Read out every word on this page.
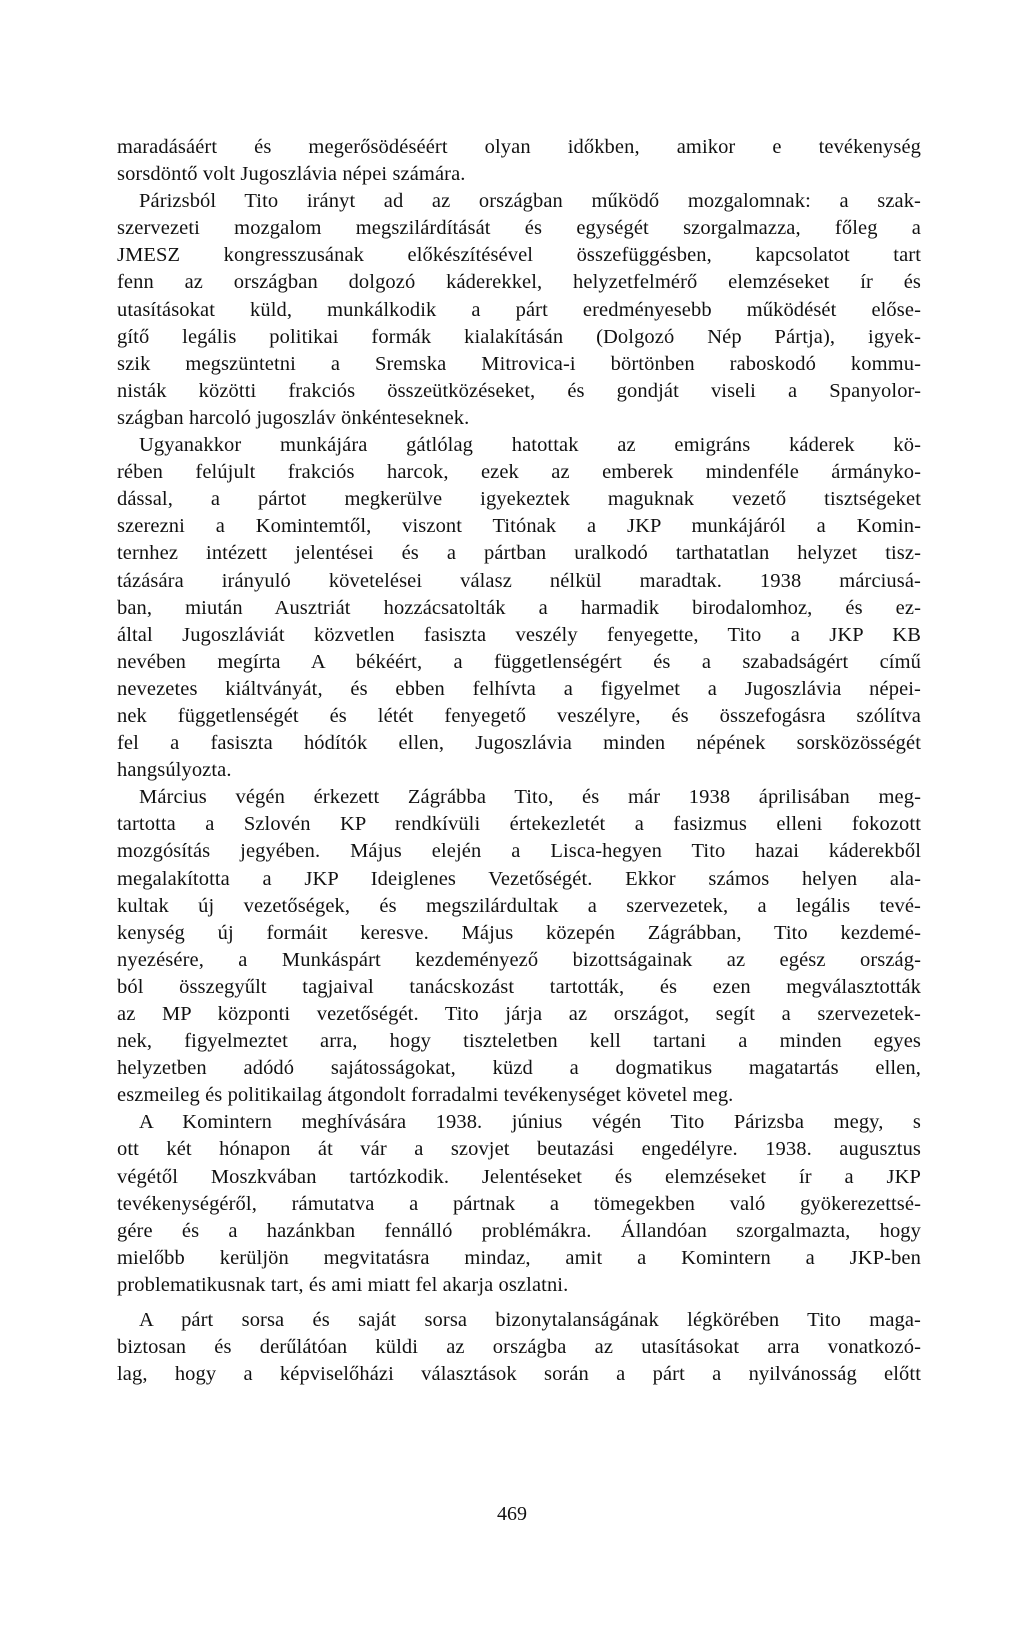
maradásáért és megerősödéséért olyan időkben, amikor e tevékenység
sorsdöntő volt Jugoszlávia népei számára.
Párizsból Tito irányt ad az országban működő mozgalomnak: a szak-
szervezeti mozgalom megszilárdítását és egységét szorgalmazza, főleg a
JMESZ kongresszusának előkészítésével összefüggésben, kapcsolatot tart
fenn az országban dolgozó káderekkel, helyzetfelmérő elemzéseket ír és
utasításokat küld, munkálkodik a párt eredményesebb működését előse-
gítő legális politikai formák kialakításán (Dolgozó Nép Pártja), igyek-
szik megszüntetni a Sremska Mitrovica-i börtönben raboskodó kommu-
nisták közötti frakciós összeütközéseket, és gondját viseli a Spanyolor-
szágban harcoló jugoszláv önkénteseknek.
Ugyanakkor munkájára gátlólag hatottak az emigráns káderek kö-
rében felújult frakciós harcok, ezek az emberek mindenféle ármányko-
dással, a pártot megkerülve igyekeztek maguknak vezető tisztségeket
szerezni a Komintemtől, viszont Titónak a JKP munkájáról a Komin-
ternhez intézett jelentései és a pártban uralkodó tarthatatlan helyzet tisz-
tázására irányuló követelései válasz nélkül maradtak. 1938 márciusá-
ban, miután Ausztriát hozzácsatolták a harmadik birodalomhoz, és ez-
által Jugoszláviát közvetlen fasiszta veszély fenyegette, Tito a JKP KB
nevében megírta A békéért, a függetlenségért és a szabadságért című
nevezetes kiáltványát, és ebben felhívta a figyelmet a Jugoszlávia népei-
nek függetlenségét és létét fenyegető veszélyre, és összefogásra szólítva
fel a fasiszta hódítók ellen, Jugoszlávia minden népének sorsközösségét
hangsúlyozta.
Március végén érkezett Zágrábba Tito, és már 1938 áprilisában meg-
tartotta a Szlovén KP rendkívüli értekezletét a fasizmus elleni fokozott
mozgósítás jegyében. Május elején a Lisca-hegyen Tito hazai káderekből
megalakította a JKP Ideiglenes Vezetőségét. Ekkor számos helyen ala-
kultak új vezetőségek, és megszilárdultak a szervezetek, a legális tevé-
kenység új formáit keresve. Május közepén Zágrábban, Tito kezdemé-
nyezésére, a Munkáspárt kezdeményező bizottságainak az egész ország-
ból összegyűlt tagjaival tanácskozást tartották, és ezen megválasztották
az MP központi vezetőségét. Tito járja az országot, segít a szervezetek-
nek, figyelmeztet arra, hogy tiszteletben kell tartani a minden egyes
helyzetben adódó sajátosságokat, küzd a dogmatikus magatartás ellen,
eszmeileg és politikailag átgondolt forradalmi tevékenységet követel meg.
A Komintern meghívására 1938. június végén Tito Párizsba megy, s
ott két hónapon át vár a szovjet beutazási engedélyre. 1938. augusztus
végétől Moszkvában tartózkodik. Jelentéseket és elemzéseket ír a JKP
tevékenységéről, rámutatva a pártnak a tömegekben való gyökerezettsé-
gére és a hazánkban fennálló problémákra. Állandóan szorgalmazta, hogy
mielőbb kerüljön megvitatásra mindaz, amit a Komintern a JKP-ben
problematikusnak tart, és ami miatt fel akarja oszlatni.
A párt sorsa és saját sorsa bizonytalanságának légkörében Tito maga-
biztosan és derűlátóan küldi az országba az utasításokat arra vonatkozó-
lag, hogy a képviselőházi választások során a párt a nyilvánosság előtt
469
